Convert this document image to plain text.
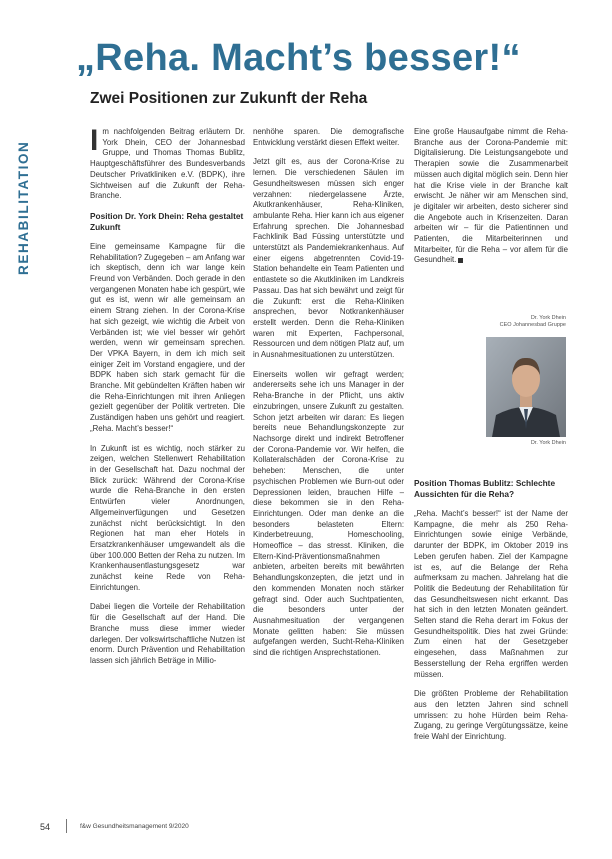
„Reha. Macht’s besser!“
Zwei Positionen zur Zukunft der Reha
REHABILITATION

Im nachfolgenden Beitrag erläutern Dr. York Dhein, CEO der Johannesbad Gruppe, und Thomas Thomas Bublitz, Hauptgeschäftsführer des Bundesverbands Deutscher Privatkliniken e.V. (BDPK), ihre Sichtweisen auf die Zukunft der Reha-Branche.

Position Dr. York Dhein: Reha gestaltet Zukunft

Eine gemeinsame Kampagne für die Rehabilitation? Zugegeben – am Anfang war ich skeptisch, denn ich war lange kein Freund von Verbänden. Doch gerade in den vergangenen Monaten habe ich gespürt, wie gut es ist, wenn wir alle gemeinsam an einem Strang ziehen. In der Corona-Krise hat sich gezeigt, wie wichtig die Arbeit von Verbänden ist; wie viel besser wir gehört werden, wenn wir gemeinsam sprechen. Der VPKA Bayern, in dem ich mich seit einiger Zeit im Vorstand engagiere, und der BDPK haben sich stark gemacht für die Branche. Mit gebündelten Kräften haben wir die Reha-Einrichtungen mit ihren Anliegen gezielt gegenüber der Politik vertreten. Die Zuständigen haben uns gehört und reagiert. „Reha. Macht’s besser!“

In Zukunft ist es wichtig, noch stärker zu zeigen, welchen Stellenwert Rehabilitation in der Gesellschaft hat. Dazu nochmal der Blick zurück: Während der Corona-Krise wurde die Reha-Branche in den ersten Entwürfen vieler Anordnungen, Allgemeinverfügungen und Gesetzen zunächst nicht berücksichtigt. In den Regionen hat man eher Hotels in Ersatzkrankenhäuser umgewandelt als die über 100.000 Betten der Reha zu nutzen. Im Krankenhausentlastungsgesetz war zunächst keine Rede von Reha-Einrichtungen.

Dabei liegen die Vorteile der Rehabilitation für die Gesellschaft auf der Hand. Die Branche muss diese immer wieder darlegen. Der volkswirtschaftliche Nutzen ist enorm. Durch Prävention und Rehabilitation lassen sich jährlich Beträge in Millio-

nenhöhe sparen. Die demografische Entwicklung verstärkt diesen Effekt weiter.

Jetzt gilt es, aus der Corona-Krise zu lernen. Die verschiedenen Säulen im Gesundheitswesen müssen sich enger verzahnen: niedergelassene Ärzte, Akutkrankenhäuser, Reha-Kliniken, ambulante Reha. Hier kann ich aus eigener Erfahrung sprechen. Die Johannesbad Fachklinik Bad Füssing unterstützte und unterstützt als Pandemiekrankenhaus. Auf einer eigens abgetrennten Covid-19-Station behandelte ein Team Patienten und entlastete so die Akutkliniken im Landkreis Passau. Das hat sich bewährt und zeigt für die Zukunft: erst die Reha-Kliniken ansprechen, bevor Notkrankenhäuser erstellt werden. Denn die Reha-Kliniken waren mit Experten, Fachpersonal, Ressourcen und dem nötigen Platz auf, um in Ausnahmesituationen zu unterstützen.

Einerseits wollen wir gefragt werden; andererseits sehe ich uns Manager in der Reha-Branche in der Pflicht, uns aktiv einzubringen, unsere Zukunft zu gestalten. Schon jetzt arbeiten wir daran: Es liegen bereits neue Behandlungskonzepte zur Nachsorge direkt und indirekt Betroffener der Corona-Pandemie vor. Wir helfen, die Kollateralschäden der Corona-Krise zu beheben: Menschen, die unter psychischen Problemen wie Burn-out oder Depressionen leiden, brauchen Hilfe – diese bekommen sie in den Reha-Einrichtungen. Oder man denke an die besonders belasteten Eltern: Kinderbetreuung, Homeschooling, Homeoffice – das stresst. Kliniken, die Eltern-Kind-Präventionsmaßnahmen anbieten, arbeiten bereits mit bewährten Behandlungskonzepten, die jetzt und in den kommenden Monaten noch stärker gefragt sind. Oder auch Suchtpatienten, die besonders unter der Ausnahmesituation der vergangenen Monate gelitten haben: Sie müssen aufgefangen werden, Sucht-Reha-Kliniken sind die richtigen Ansprechstationen.

Eine große Hausaufgabe nimmt die Reha-Branche aus der Corona-Pandemie mit: Digitalisierung. Die Leistungsangebote und Therapien sowie die Zusammenarbeit müssen auch digital möglich sein. Denn hier hat die Krise viele in der Branche kalt erwischt. Je näher wir am Menschen sind, je digitaler wir arbeiten, desto sicherer sind die Angebote auch in Krisenzeiten. Daran arbeiten wir – für die Patientinnen und Patienten, die Mitarbeiterinnen und Mitarbeiter, für die Reha – vor allem für die Gesundheit.

Dr. York Dhein
CEO Johannesbad Gruppe
Dr. York Dhein

Position Thomas Bublitz: Schlechte Aussichten für die Reha?

„Reha. Macht’s besser!“ ist der Name der Kampagne, die mehr als 250 Reha-Einrichtungen sowie einige Verbände, darunter der BDPK, im Oktober 2019 ins Leben gerufen haben. Ziel der Kampagne ist es, auf die Belange der Reha aufmerksam zu machen. Jahrelang hat die Politik die Bedeutung der Rehabilitation für das Gesundheitswesen nicht erkannt. Das hat sich in den letzten Monaten geändert. Selten stand die Reha derart im Fokus der Gesundheitspolitik. Dies hat zwei Gründe: Zum einen hat der Gesetzgeber eingesehen, dass Maßnahmen zur Besserstellung der Reha ergriffen werden müssen.

Die größten Probleme der Rehabilitation aus den letzten Jahren sind schnell umrissen: zu hohe Hürden beim Reha-Zugang, zu geringe Vergütungssätze, keine freie Wahl der Einrichtung.

54	f&w Gesundheitsmanagement 9/2020
